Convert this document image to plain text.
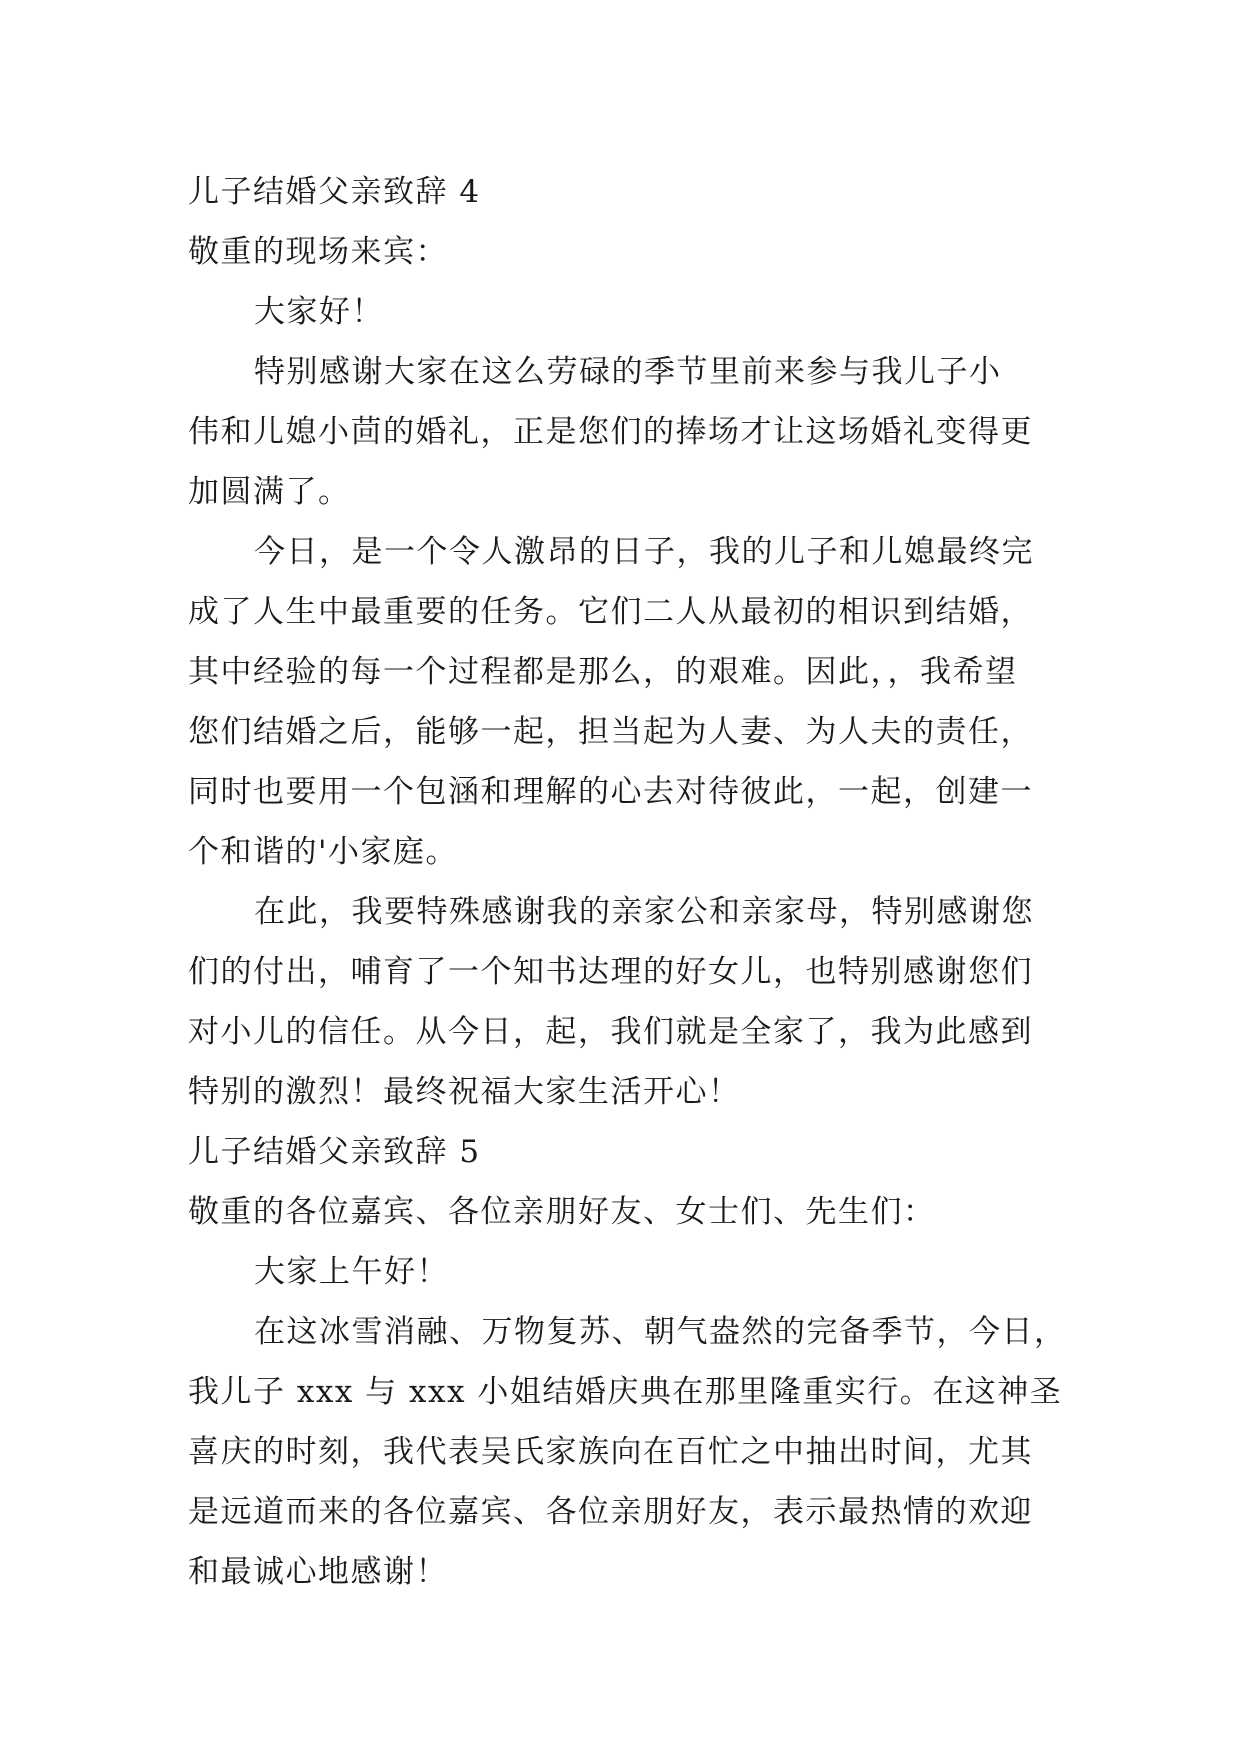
儿子结婚父亲致辞 4
敬重的现场来宾：
大家好！
特别感谢大家在这么劳碌的季节里前来参与我儿子小
伟和儿媳小茴的婚礼，正是您们的捧场才让这场婚礼变得更
加圆满了。
今日，是一个令人激昂的日子，我的儿子和儿媳最终完
成了人生中最重要的任务。它们二人从最初的相识到结婚，
其中经验的每一个过程都是那么，的艰难。因此，，我希望
您们结婚之后，能够一起，担当起为人妻、为人夫的责任，
同时也要用一个包涵和理解的心去对待彼此，一起，创建一
个和谐的'小家庭。
在此，我要特殊感谢我的亲家公和亲家母，特别感谢您
们的付出，哺育了一个知书达理的好女儿，也特别感谢您们
对小儿的信任。从今日，起，我们就是全家了，我为此感到
特别的激烈！最终祝福大家生活开心！
儿子结婚父亲致辞 5
敬重的各位嘉宾、各位亲朋好友、女士们、先生们：
大家上午好！
在这冰雪消融、万物复苏、朝气盎然的完备季节，今日，
我儿子 xxx 与 xxx 小姐结婚庆典在那里隆重实行。在这神圣
喜庆的时刻，我代表吴氏家族向在百忙之中抽出时间，尤其
是远道而来的各位嘉宾、各位亲朋好友，表示最热情的欢迎
和最诚心地感谢！
